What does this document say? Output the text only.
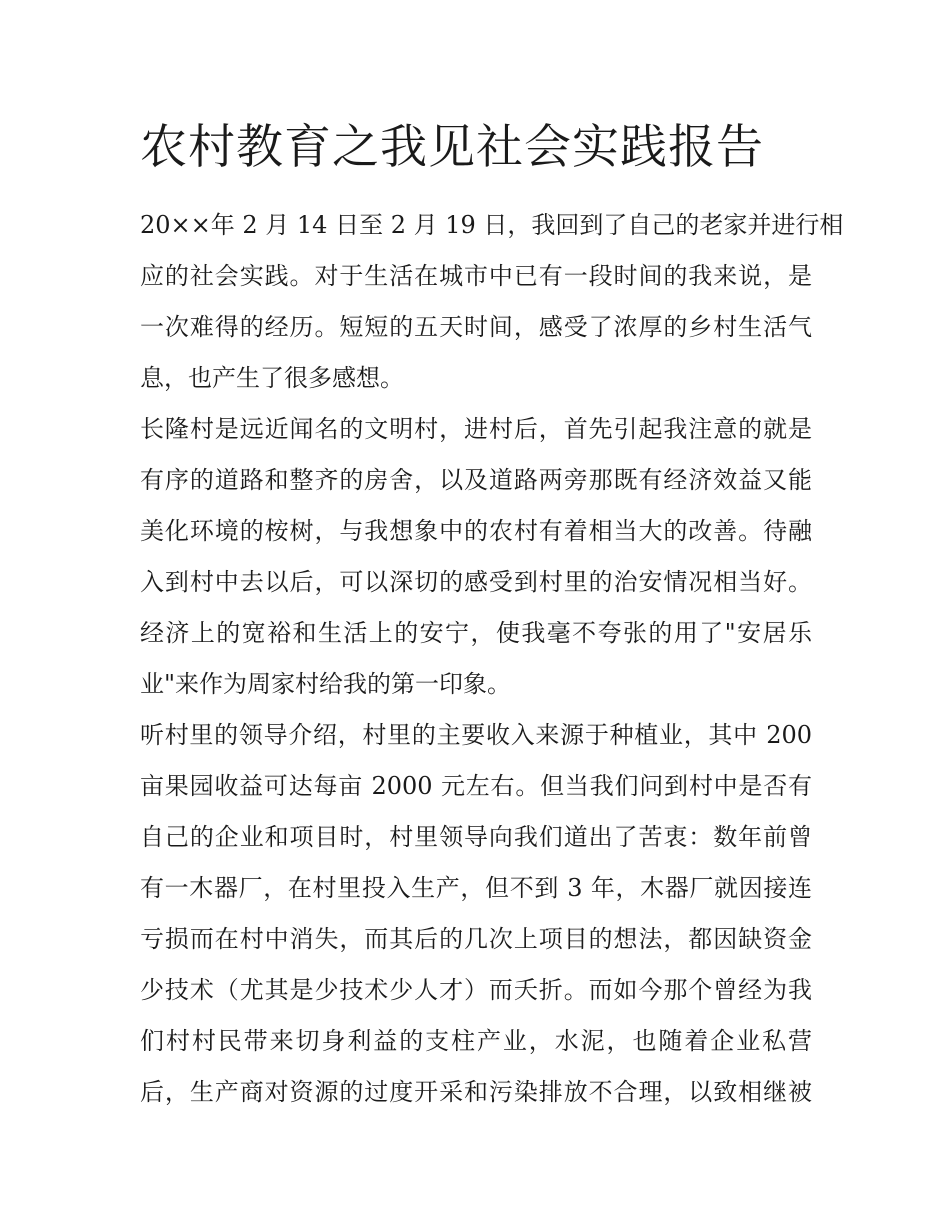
农村教育之我见社会实践报告

20××年 2 月 14 日至 2 月 19 日，我回到了自己的老家并进行相
应的社会实践。对于生活在城市中已有一段时间的我来说，是
一次难得的经历。短短的五天时间，感受了浓厚的乡村生活气
息，也产生了很多感想。

长隆村是远近闻名的文明村，进村后，首先引起我注意的就是
有序的道路和整齐的房舍，以及道路两旁那既有经济效益又能
美化环境的桉树，与我想象中的农村有着相当大的改善。待融
入到村中去以后，可以深切的感受到村里的治安情况相当好。
经济上的宽裕和生活上的安宁，使我毫不夸张的用了"安居乐
业"来作为周家村给我的第一印象。

听村里的领导介绍，村里的主要收入来源于种植业，其中 200
亩果园收益可达每亩 2000 元左右。但当我们问到村中是否有
自己的企业和项目时，村里领导向我们道出了苦衷：数年前曾
有一木器厂，在村里投入生产，但不到 3 年，木器厂就因接连
亏损而在村中消失，而其后的几次上项目的想法，都因缺资金
少技术（尤其是少技术少人才）而夭折。而如今那个曾经为我
们村村民带来切身利益的支柱产业，水泥，也随着企业私营
后，生产商对资源的过度开采和污染排放不合理，以致相继被
